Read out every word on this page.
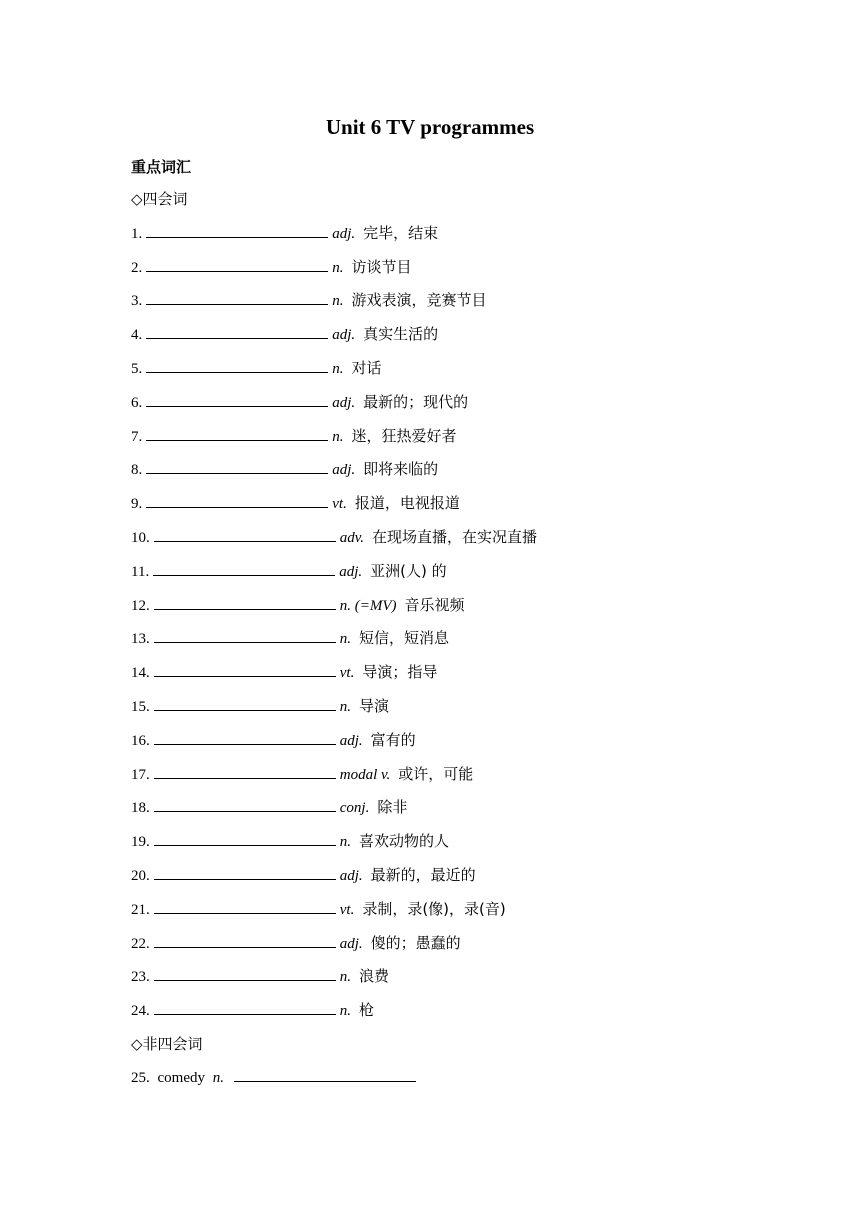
Unit 6 TV programmes
重点词汇
◇四会词
1.	adj. 完毕，结束
2.	n. 访谈节目
3.	n. 游戏表演，竞赛节目
4.	adj. 真实生活的
5.	n. 对话
6.	adj. 最新的；现代的
7.	n. 迷，狂热爱好者
8.	adj. 即将来临的
9.	vt. 报道，电视报道
10.	adv. 在现场直播，在实况直播
11.	adj. 亚洲(人) 的
12.	n. (=MV) 音乐视频
13.	n. 短信，短消息
14.	vt. 导演；指导
15.	n. 导演
16.	adj. 富有的
17.	modal v. 或许，可能
18.	conj. 除非
19.	n. 喜欢动物的人
20.	adj. 最新的，最近的
21.	vt. 录制，录(像)，录(音)
22.	adj. 傻的；愚蠢的
23.	n. 浪费
24.	n. 枪
◇非四会词
25. comedy n.
